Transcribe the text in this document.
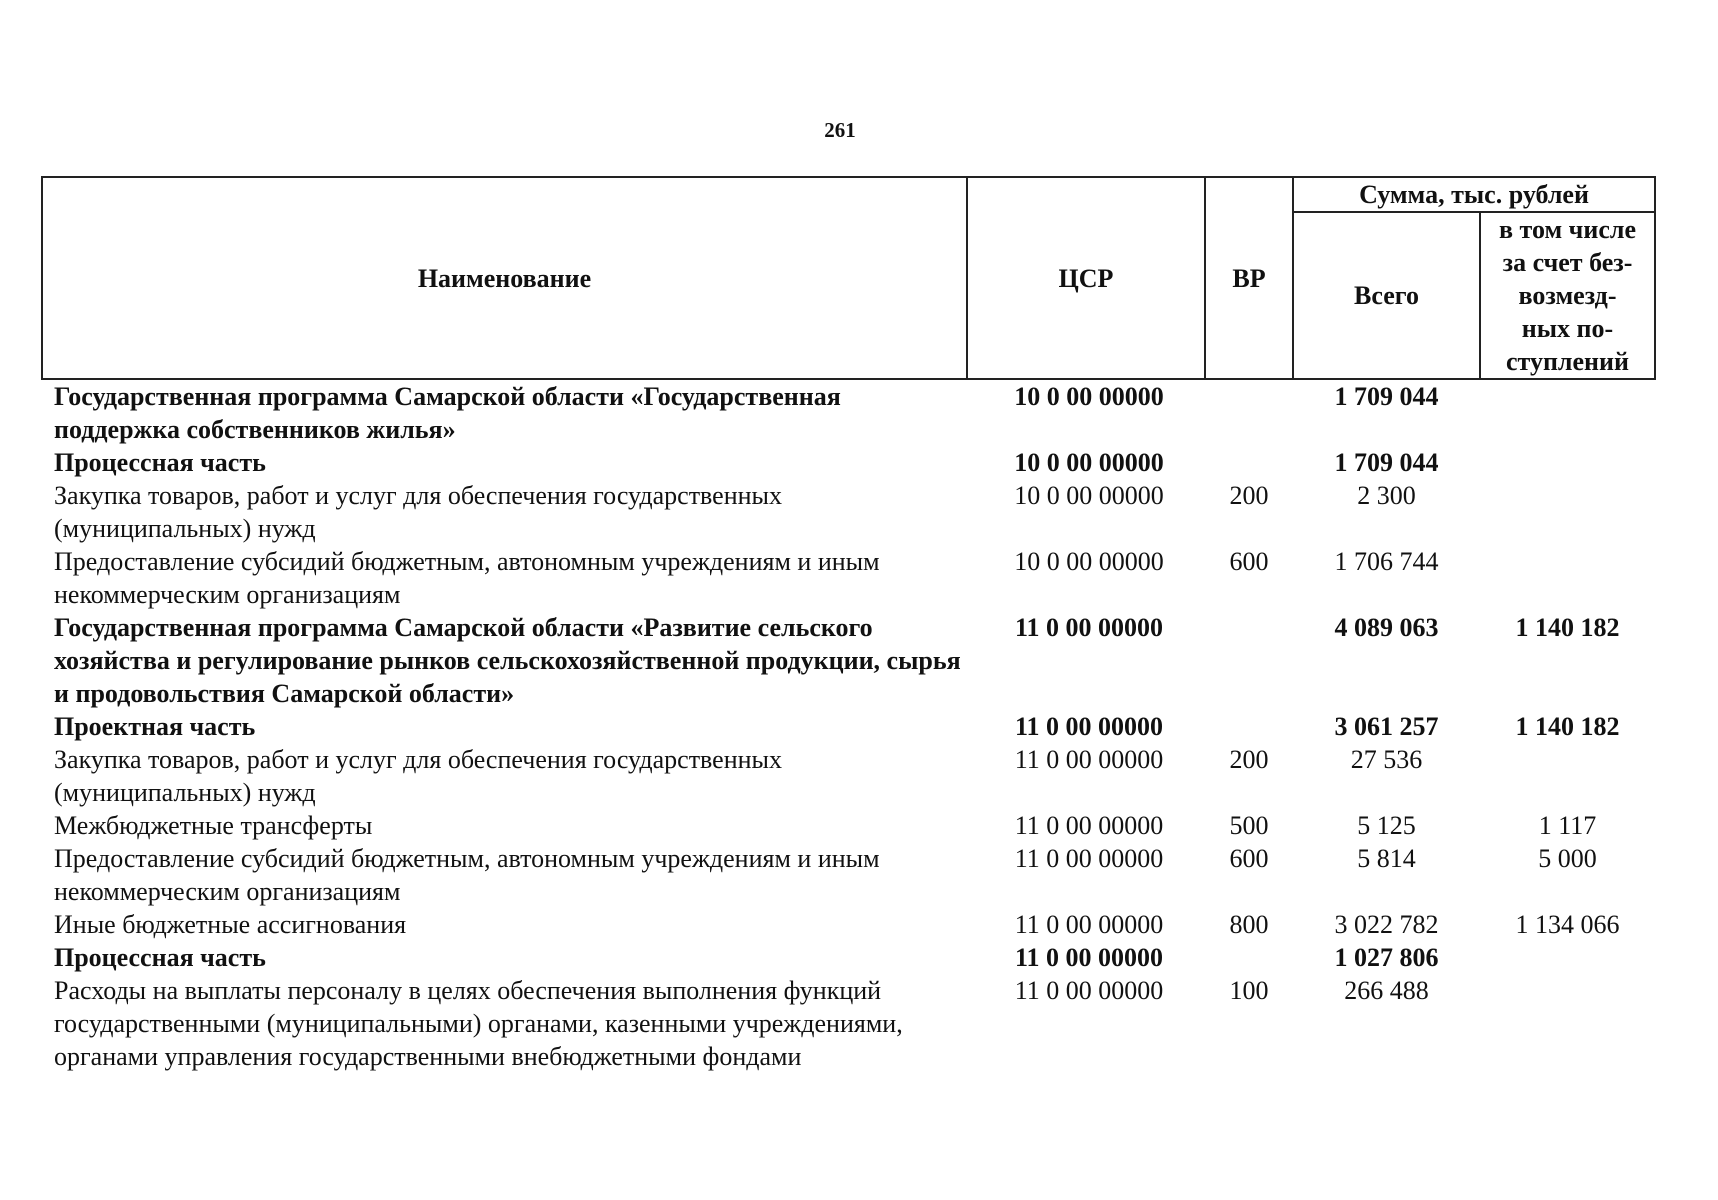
261
Наименование	ЦСР	ВР	Сумма, тыс. рублей	
			Всего	в том числе
за счет без-
возмезд-
ных по-
ступлений

Государственная программа Самарской области «Государственная поддержка собственников жилья»	10 0 00 00000		1 709 044	
Процессная часть	10 0 00 00000		1 709 044	
Закупка товаров, работ и услуг для обеспечения государственных (муниципальных) нужд	10 0 00 00000	200	2 300	
Предоставление субсидий бюджетным, автономным учреждениям и иным некоммерческим организациям	10 0 00 00000	600	1 706 744	
Государственная программа Самарской области «Развитие сельского хозяйства и регулирование рынков сельскохозяйственной продукции, сырья и продовольствия Самарской области»	11 0 00 00000		4 089 063	1 140 182
Проектная часть	11 0 00 00000		3 061 257	1 140 182
Закупка товаров, работ и услуг для обеспечения государственных (муниципальных) нужд	11 0 00 00000	200	27 536	
Межбюджетные трансферты	11 0 00 00000	500	5 125	1 117
Предоставление субсидий бюджетным, автономным учреждениям и иным некоммерческим организациям	11 0 00 00000	600	5 814	5 000
Иные бюджетные ассигнования	11 0 00 00000	800	3 022 782	1 134 066
Процессная часть	11 0 00 00000		1 027 806	
Расходы на выплаты персоналу в целях обеспечения выполнения функций государственными (муниципальными) органами, казенными учреждениями, органами управления государственными внебюджетными фондами	11 0 00 00000	100	266 488	
